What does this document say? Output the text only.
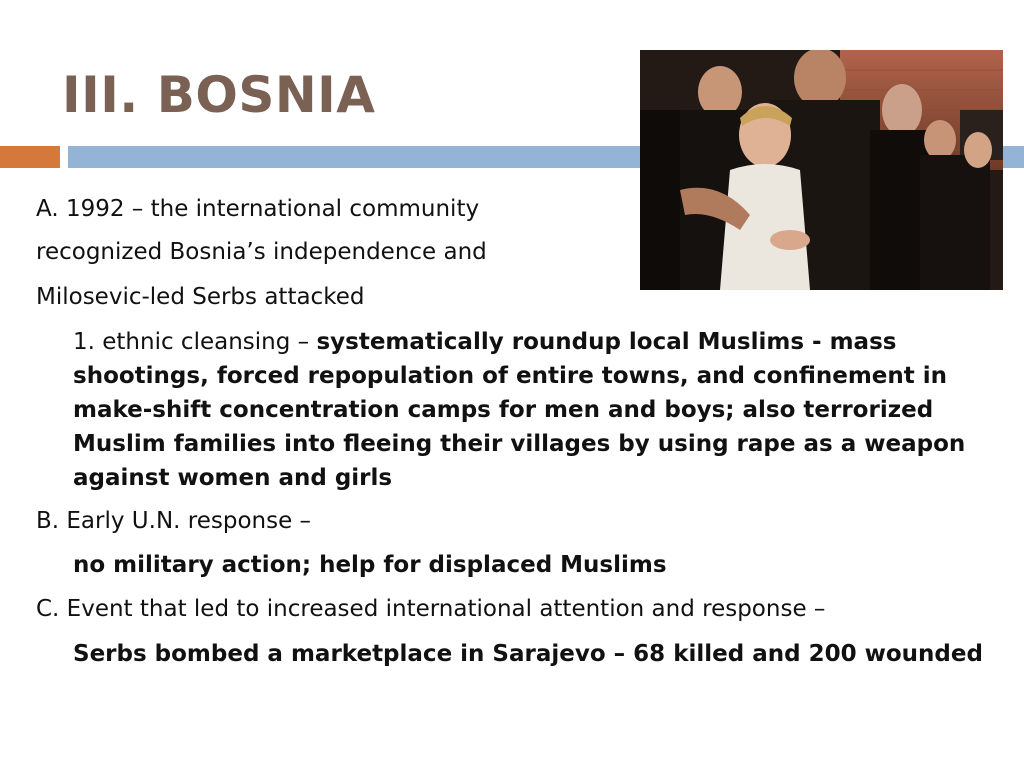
III. BOSNIA
A. 1992 – the international community
recognized Bosnia’s independence and
Milosevic-led Serbs attacked
1. ethnic cleansing – systematically roundup local Muslims - mass shootings, forced repopulation of entire towns, and confinement in make-shift concentration camps for men and boys; also terrorized Muslim families into fleeing their villages by using rape as a weapon against women and girls
B. Early U.N. response –
no military action; help for displaced Muslims
C. Event that led to increased international attention and response –
Serbs bombed a marketplace in Sarajevo – 68 killed and 200 wounded
